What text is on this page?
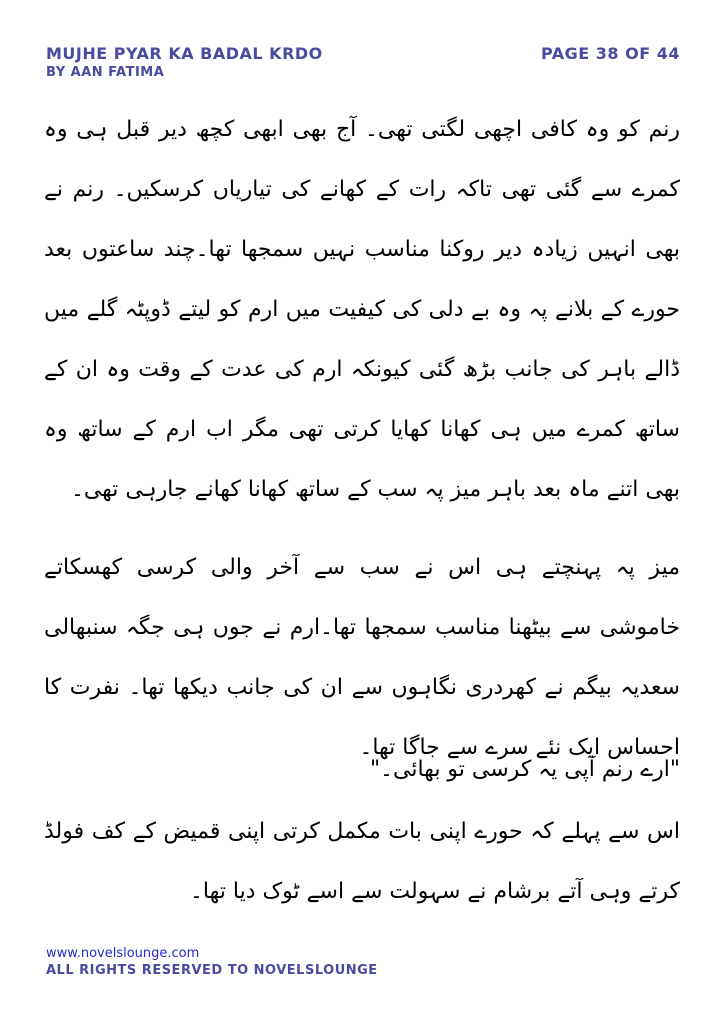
MUJHE PYAR KA BADAL KRDO
BY AAN FATIMA
PAGE 38 OF 44

رنم کو وہ کافی اچھی لگتی تھی۔ آج بھی ابھی کچھ دیر قبل ہی وہ کمرے سے گئی تھی تاکہ رات کے کھانے کی تیاریاں کرسکیں۔ رنم نے بھی انہیں زیادہ دیر روکنا مناسب نہیں سمجھا تھا۔چند ساعتوں بعد حورے کے بلانے پہ وہ بے دلی کی کیفیت میں ارم کو لیتے ڈوپٹہ گلے میں ڈالے باہر کی جانب بڑھ گئی کیونکہ ارم کی عدت کے وقت وہ ان کے ساتھ کمرے میں ہی کھانا کھایا کرتی تھی مگر اب ارم کے ساتھ وہ بھی اتنے ماہ بعد باہر میز پہ سب کے ساتھ کھانا کھانے جارہی تھی۔

میز پہ پہنچتے ہی اس نے سب سے آخر والی کرسی کھسکاتے خاموشی سے بیٹھنا مناسب سمجھا تھا۔ارم نے جوں ہی جگہ سنبھالی سعدیہ بیگم نے کھردری نگاہوں سے ان کی جانب دیکھا تھا۔ نفرت کا احساس ایک نئے سرے سے جاگا تھا۔

"ارے رنم آپی یہ کرسی تو بھائی۔"

اس سے پہلے کہ حورے اپنی بات مکمل کرتی اپنی قمیض کے کف فولڈ کرتے وہی آتے برشام نے سہولت سے اسے ٹوک دیا تھا۔

www.novelslounge.com
ALL RIGHTS RESERVED TO NOVELSLOUNGE
